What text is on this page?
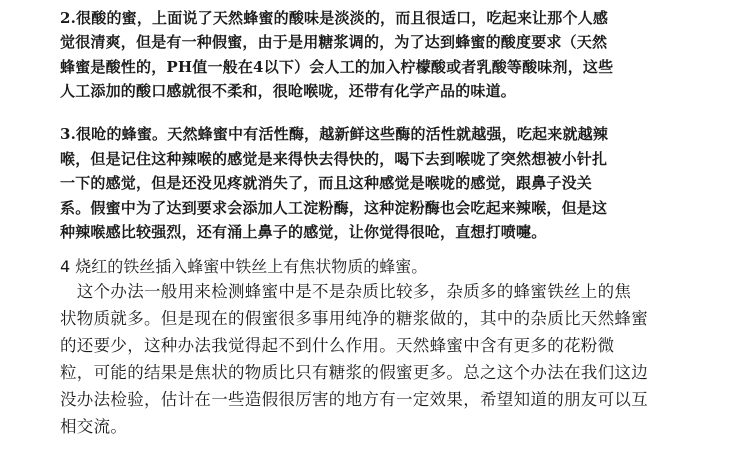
2.很酸的蜜，上面说了天然蜂蜜的酸味是淡淡的，而且很适口，吃起来让那个人感
觉很清爽，但是有一种假蜜，由于是用糖浆调的，为了达到蜂蜜的酸度要求（天然
蜂蜜是酸性的，PH值一般在4以下）会人工的加入柠檬酸或者乳酸等酸味剂，这些
人工添加的酸口感就很不柔和，很呛喉咙，还带有化学产品的味道。
3.很呛的蜂蜜。天然蜂蜜中有活性酶，越新鲜这些酶的活性就越强，吃起来就越辣
喉，但是记住这种辣喉的感觉是来得快去得快的，喝下去到喉咙了突然想被小针扎
一下的感觉，但是还没见疼就消失了，而且这种感觉是喉咙的感觉，跟鼻子没关
系。假蜜中为了达到要求会添加人工淀粉酶，这种淀粉酶也会吃起来辣喉，但是这
种辣喉感比较强烈，还有涌上鼻子的感觉，让你觉得很呛，直想打喷嚏。
4 烧红的铁丝插入蜂蜜中铁丝上有焦状物质的蜂蜜。
　这个办法一般用来检测蜂蜜中是不是杂质比较多，杂质多的蜂蜜铁丝上的焦
状物质就多。但是现在的假蜜很多事用纯净的糖浆做的，其中的杂质比天然蜂蜜
的还要少，这种办法我觉得起不到什么作用。天然蜂蜜中含有更多的花粉微
粒，可能的结果是焦状的物质比只有糖浆的假蜜更多。总之这个办法在我们这边
没办法检验，估计在一些造假很厉害的地方有一定效果，希望知道的朋友可以互
相交流。
